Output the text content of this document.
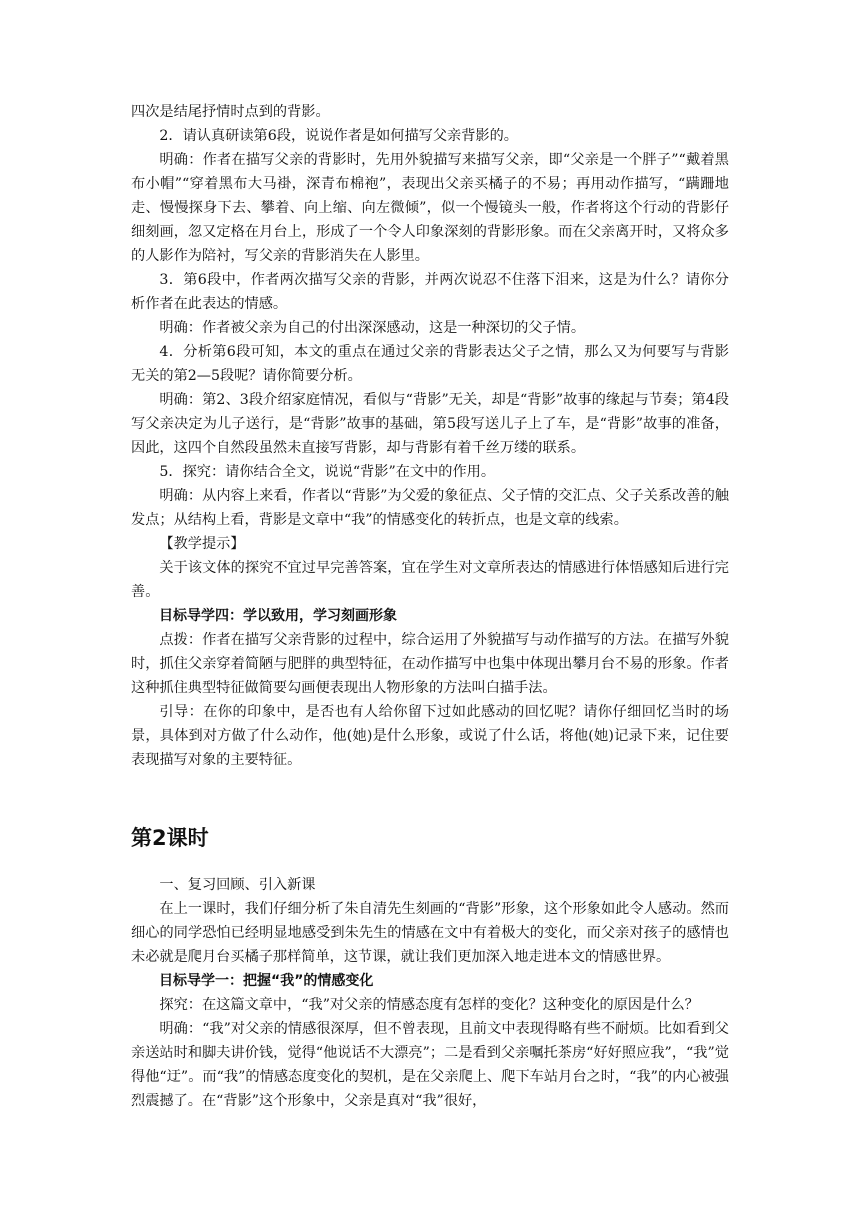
四次是结尾抒情时点到的背影。

2．请认真研读第6段，说说作者是如何描写父亲背影的。

明确：作者在描写父亲的背影时，先用外貌描写来描写父亲，即“父亲是一个胖子”“戴着黑布小帽”“穿着黑布大马褂，深青布棉袍”，表现出父亲买橘子的不易；再用动作描写，“蹒跚地走、慢慢探身下去、攀着、向上缩、向左微倾”，似一个慢镜头一般，作者将这个行动的背影仔细刻画，忽又定格在月台上，形成了一个令人印象深刻的背影形象。而在父亲离开时，又将众多的人影作为陪衬，写父亲的背影消失在人影里。

3．第6段中，作者两次描写父亲的背影，并两次说忍不住落下泪来，这是为什么？请你分析作者在此表达的情感。

明确：作者被父亲为自己的付出深深感动，这是一种深切的父子情。

4．分析第6段可知，本文的重点在通过父亲的背影表达父子之情，那么又为何要写与背影无关的第2—5段呢？请你简要分析。

明确：第2、3段介绍家庭情况，看似与“背影”无关，却是“背影”故事的缘起与节奏；第4段写父亲决定为儿子送行，是“背影”故事的基础，第5段写送儿子上了车，是“背影”故事的准备，因此，这四个自然段虽然未直接写背影，却与背影有着千丝万缕的联系。

5．探究：请你结合全文，说说“背影”在文中的作用。

明确：从内容上来看，作者以“背影”为父爱的象征点、父子情的交汇点、父子关系改善的触发点；从结构上看，背影是文章中“我”的情感变化的转折点，也是文章的线索。

【教学提示】

关于该文体的探究不宜过早完善答案，宜在学生对文章所表达的情感进行体悟感知后进行完善。

目标导学四：学以致用，学习刻画形象

点拨：作者在描写父亲背影的过程中，综合运用了外貌描写与动作描写的方法。在描写外貌时，抓住父亲穿着简陋与肥胖的典型特征，在动作描写中也集中体现出攀月台不易的形象。作者这种抓住典型特征做简要勾画便表现出人物形象的方法叫白描手法。

引导：在你的印象中，是否也有人给你留下过如此感动的回忆呢？请你仔细回忆当时的场景，具体到对方做了什么动作，他(她)是什么形象，或说了什么话，将他(她)记录下来，记住要表现描写对象的主要特征。

第2课时

一、复习回顾、引入新课

在上一课时，我们仔细分析了朱自清先生刻画的“背影”形象，这个形象如此令人感动。然而细心的同学恐怕已经明显地感受到朱先生的情感在文中有着极大的变化，而父亲对孩子的感情也未必就是爬月台买橘子那样简单，这节课，就让我们更加深入地走进本文的情感世界。

目标导学一：把握“我”的情感变化

探究：在这篇文章中，“我”对父亲的情感态度有怎样的变化？这种变化的原因是什么？

明确：“我”对父亲的情感很深厚，但不曾表现，且前文中表现得略有些不耐烦。比如看到父亲送站时和脚夫讲价钱，觉得“他说话不大漂亮”；二是看到父亲嘱托茶房“好好照应我”，“我”觉得他“迂”。而“我”的情感态度变化的契机，是在父亲爬上、爬下车站月台之时，“我”的内心被强烈震撼了。在“背影”这个形象中，父亲是真对“我”很好，
